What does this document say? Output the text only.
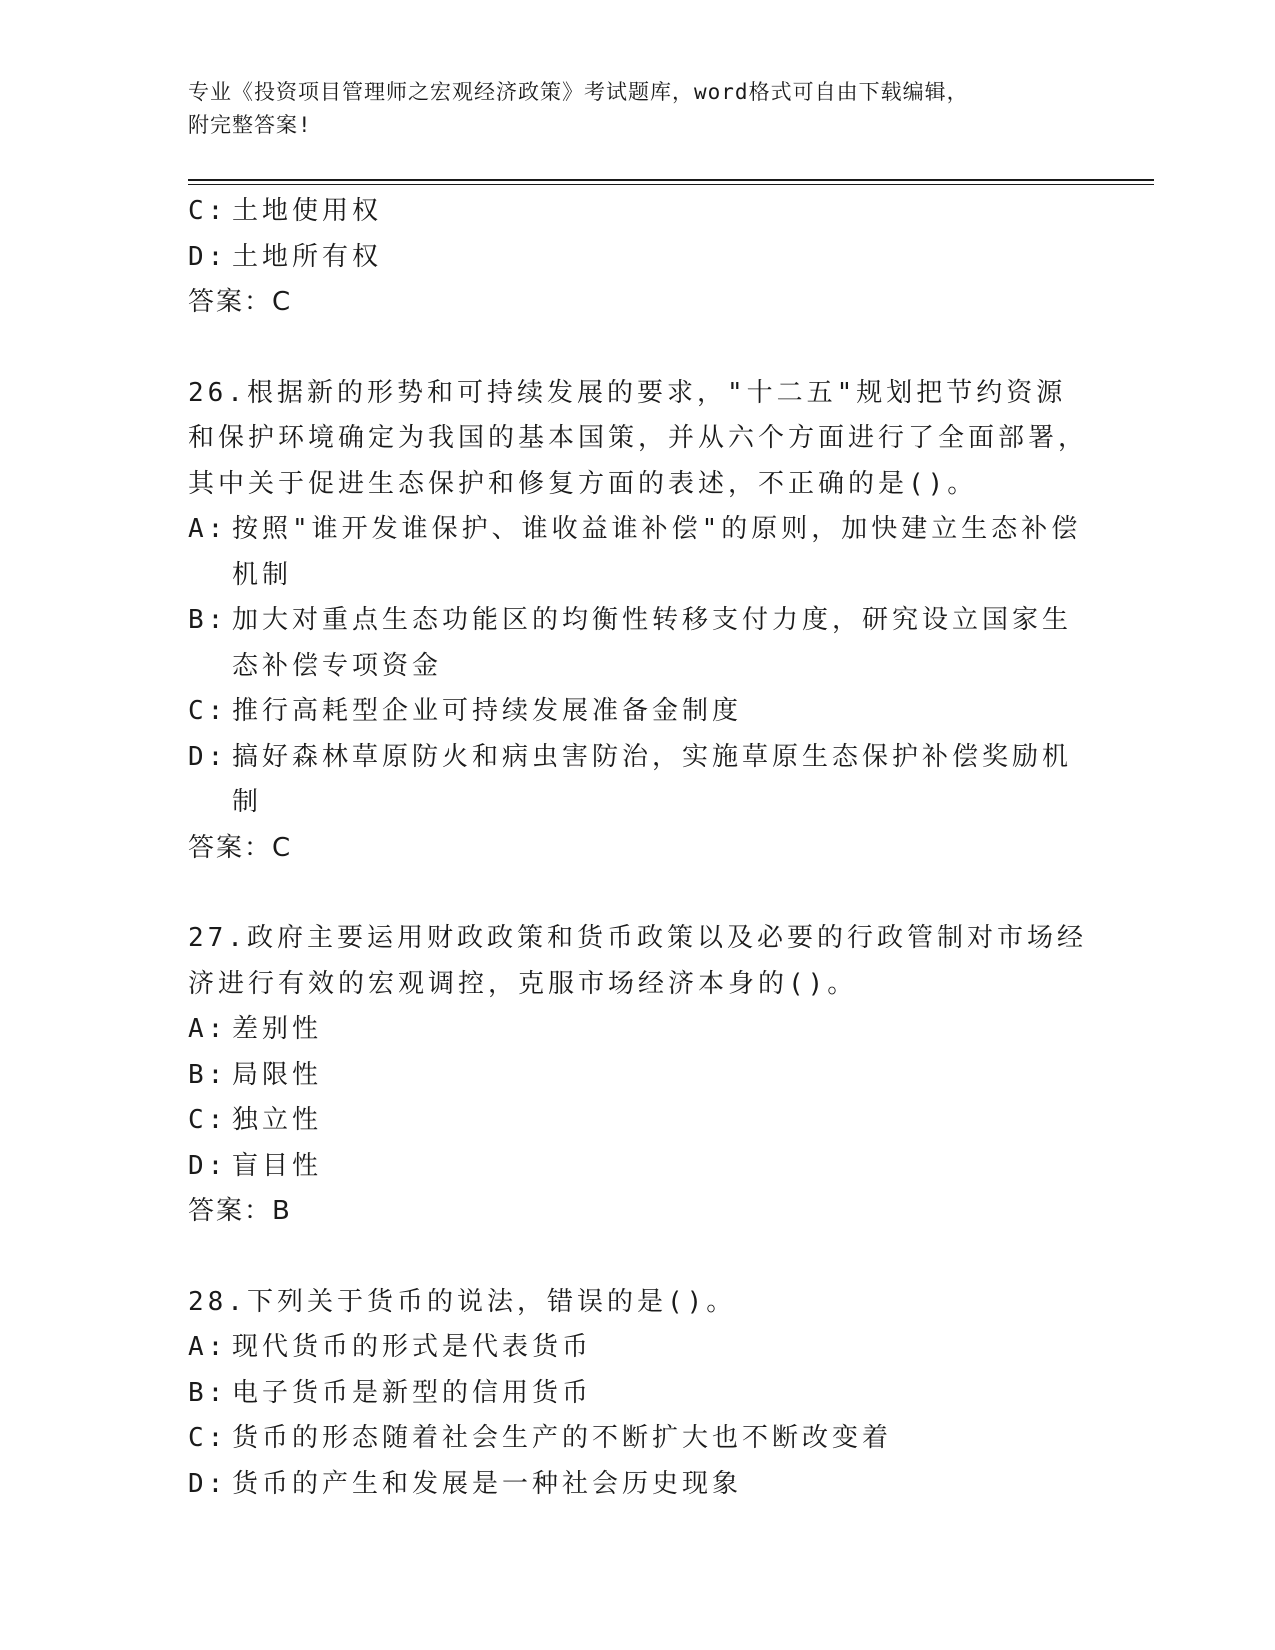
专业《投资项目管理师之宏观经济政策》考试题库，word格式可自由下载编辑，
附完整答案!
C: 土地使用权
D: 土地所有权
答案：C
26.根据新的形势和可持续发展的要求，"十二五"规划把节约资源和保护环境确定为我国的基本国策，并从六个方面进行了全面部署，其中关于促进生态保护和修复方面的表述，不正确的是()。
A: 按照"谁开发谁保护、谁收益谁补偿"的原则，加快建立生态补偿机制
B: 加大对重点生态功能区的均衡性转移支付力度，研究设立国家生态补偿专项资金
C: 推行高耗型企业可持续发展准备金制度
D: 搞好森林草原防火和病虫害防治，实施草原生态保护补偿奖励机制
答案：C
27.政府主要运用财政政策和货币政策以及必要的行政管制对市场经济进行有效的宏观调控，克服市场经济本身的()。
A: 差别性
B: 局限性
C: 独立性
D: 盲目性
答案：B
28.下列关于货币的说法，错误的是()。
A: 现代货币的形式是代表货币
B: 电子货币是新型的信用货币
C: 货币的形态随着社会生产的不断扩大也不断改变着
D: 货币的产生和发展是一种社会历史现象
